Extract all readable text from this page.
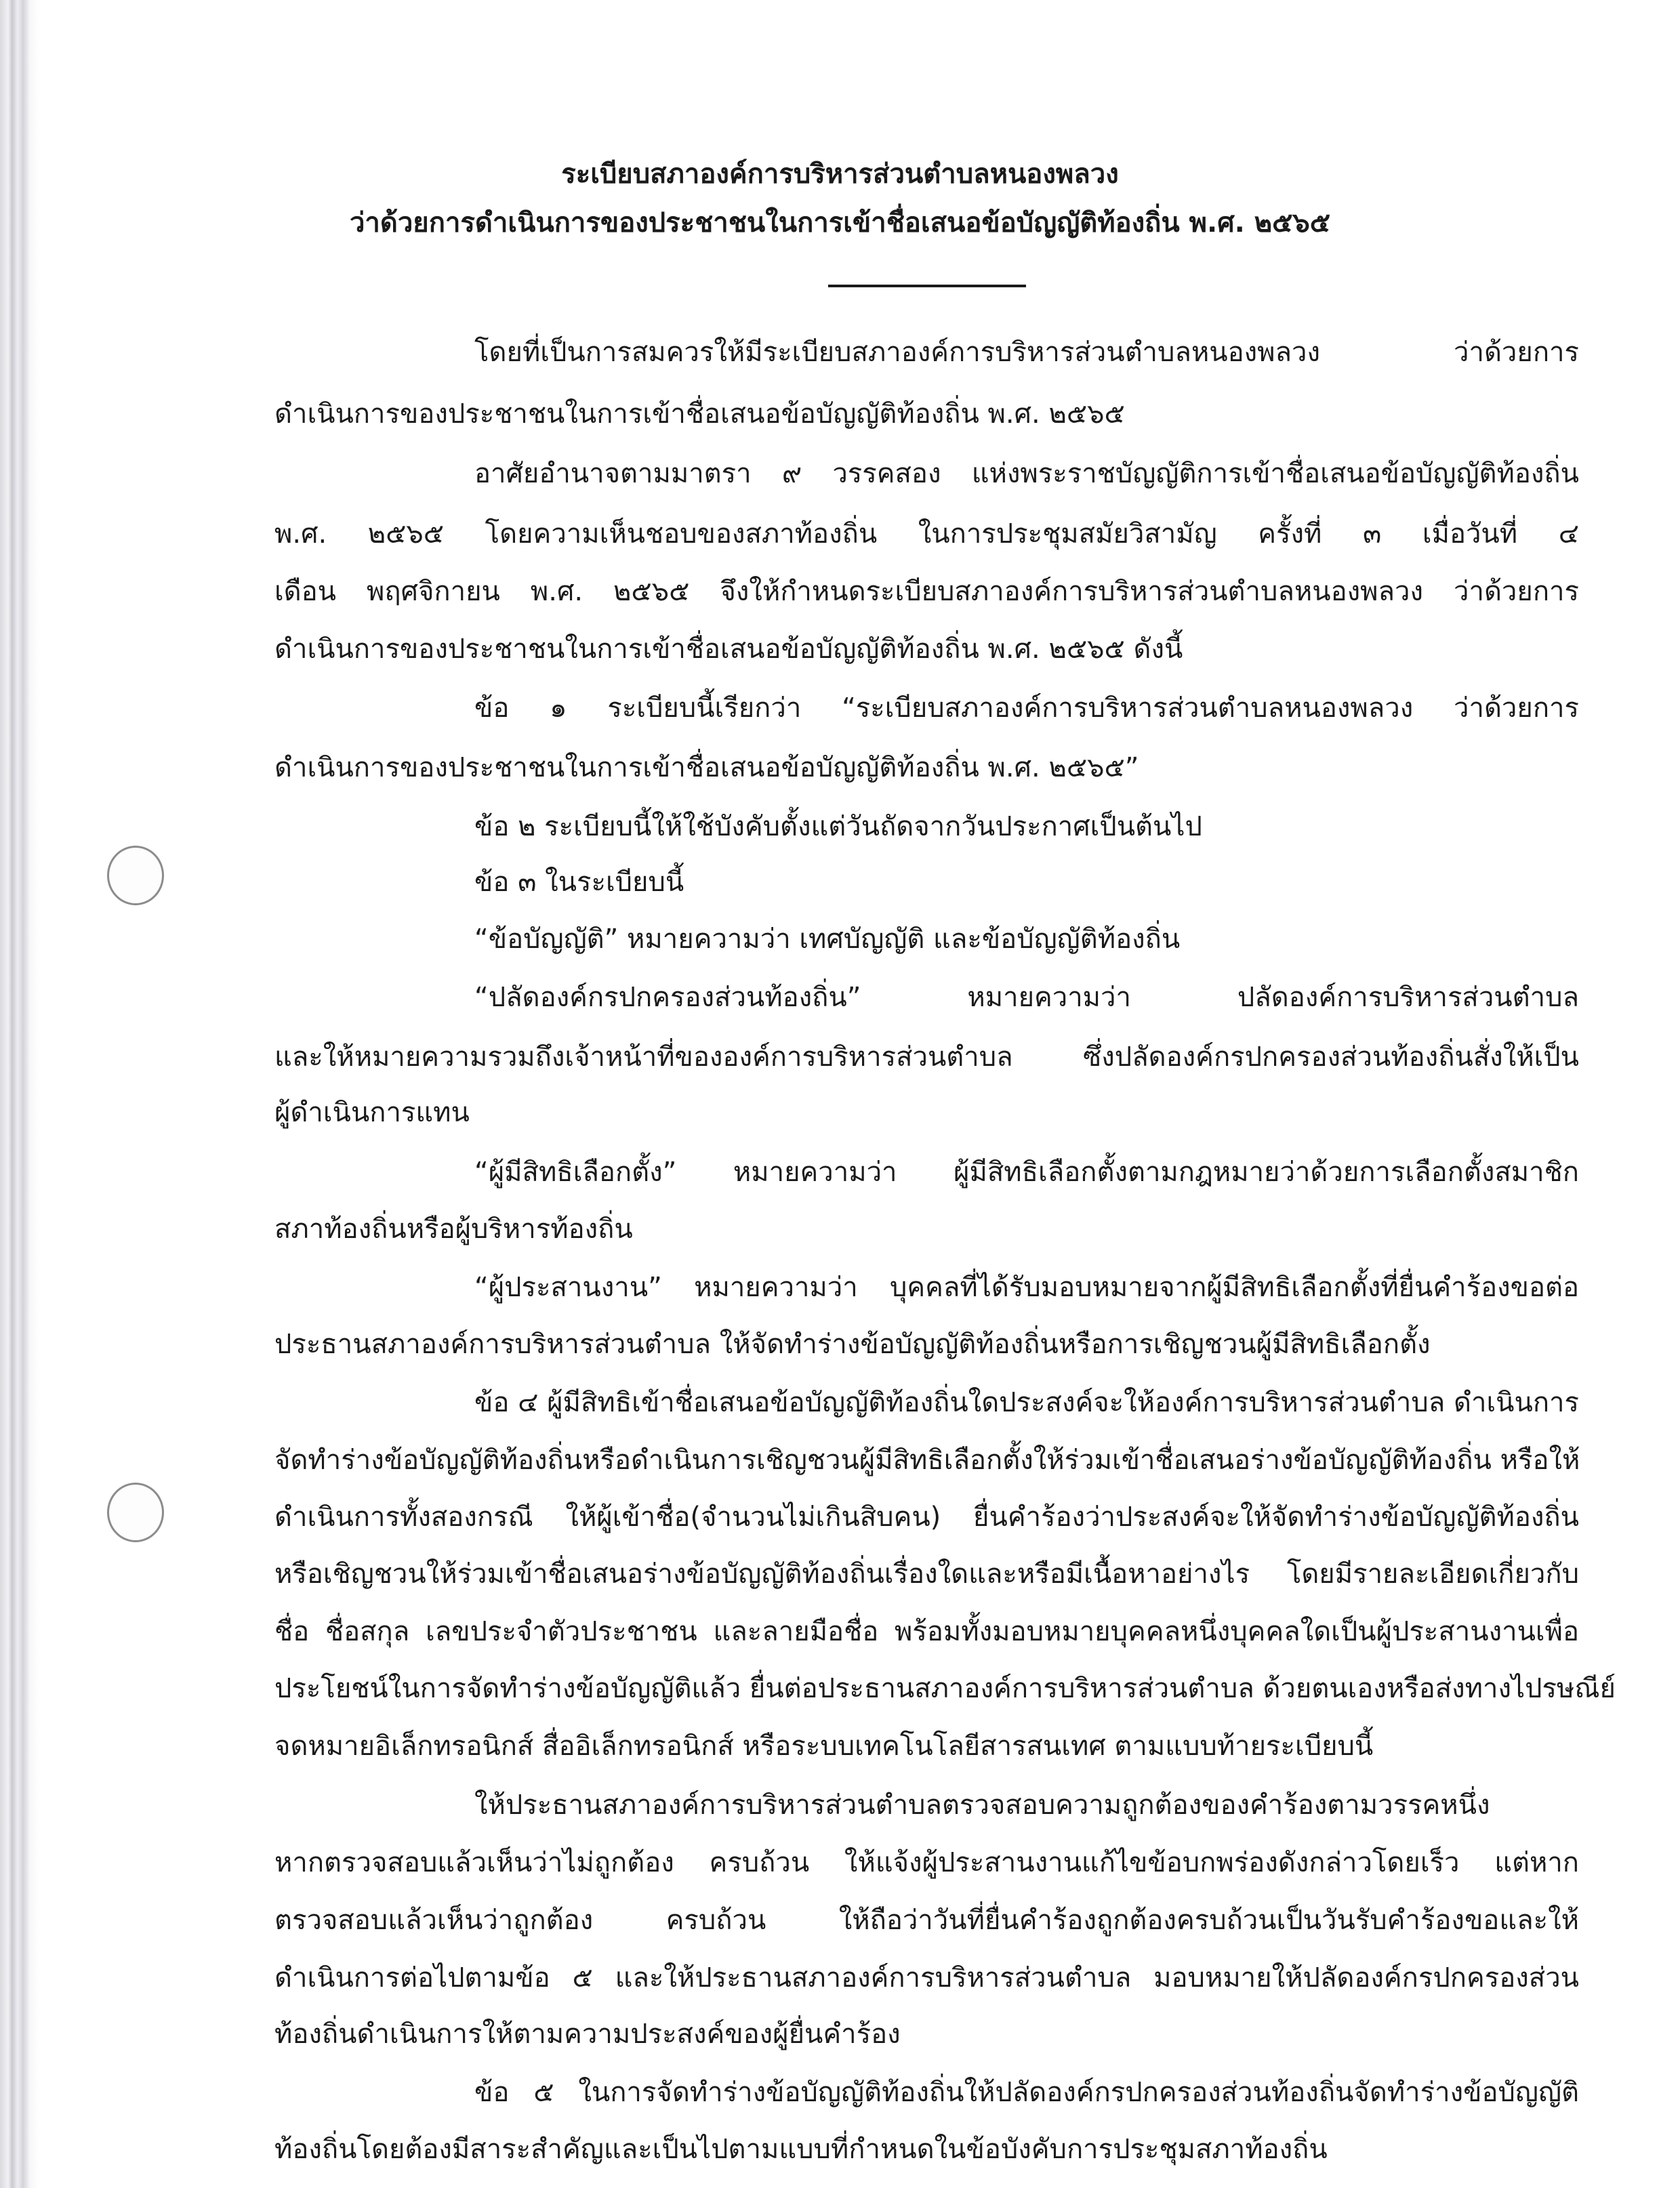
ระเบียบสภาองค์การบริหารส่วนตำบลหนองพลวง
ว่าด้วยการดำเนินการของประชาชนในการเข้าชื่อเสนอข้อบัญญัติท้องถิ่น พ.ศ. ๒๕๖๕
โดยที่เป็นการสมควรให้มีระเบียบสภาองค์การบริหารส่วนตำบลหนองพลวง ว่าด้วยการ
ดำเนินการของประชาชนในการเข้าชื่อเสนอข้อบัญญัติท้องถิ่น พ.ศ. ๒๕๖๕
อาศัยอำนาจตามมาตรา ๙ วรรคสอง แห่งพระราชบัญญัติการเข้าชื่อเสนอข้อบัญญัติท้องถิ่น
พ.ศ. ๒๕๖๕ โดยความเห็นชอบของสภาท้องถิ่น ในการประชุมสมัยวิสามัญ ครั้งที่ ๓ เมื่อวันที่ ๔
เดือน พฤศจิกายน พ.ศ. ๒๕๖๕ จึงให้กำหนดระเบียบสภาองค์การบริหารส่วนตำบลหนองพลวง ว่าด้วยการ
ดำเนินการของประชาชนในการเข้าชื่อเสนอข้อบัญญัติท้องถิ่น พ.ศ. ๒๕๖๕ ดังนี้
ข้อ ๑ ระเบียบนี้เรียกว่า “ระเบียบสภาองค์การบริหารส่วนตำบลหนองพลวง ว่าด้วยการ
ดำเนินการของประชาชนในการเข้าชื่อเสนอข้อบัญญัติท้องถิ่น พ.ศ. ๒๕๖๕”
ข้อ ๒ ระเบียบนี้ให้ใช้บังคับตั้งแต่วันถัดจากวันประกาศเป็นต้นไป
ข้อ ๓ ในระเบียบนี้
“ข้อบัญญัติ” หมายความว่า เทศบัญญัติ และข้อบัญญัติท้องถิ่น
“ปลัดองค์กรปกครองส่วนท้องถิ่น” หมายความว่า ปลัดองค์การบริหารส่วนตำบล
และให้หมายความรวมถึงเจ้าหน้าที่ขององค์การบริหารส่วนตำบล ซึ่งปลัดองค์กรปกครองส่วนท้องถิ่นสั่งให้เป็น
ผู้ดำเนินการแทน
“ผู้มีสิทธิเลือกตั้ง” หมายความว่า ผู้มีสิทธิเลือกตั้งตามกฎหมายว่าด้วยการเลือกตั้งสมาชิก
สภาท้องถิ่นหรือผู้บริหารท้องถิ่น
“ผู้ประสานงาน” หมายความว่า บุคคลที่ได้รับมอบหมายจากผู้มีสิทธิเลือกตั้งที่ยื่นคำร้องขอต่อ
ประธานสภาองค์การบริหารส่วนตำบล ให้จัดทำร่างข้อบัญญัติท้องถิ่นหรือการเชิญชวนผู้มีสิทธิเลือกตั้ง
ข้อ ๔ ผู้มีสิทธิเข้าชื่อเสนอข้อบัญญัติท้องถิ่นใดประสงค์จะให้องค์การบริหารส่วนตำบล ดำเนินการ
จัดทำร่างข้อบัญญัติท้องถิ่นหรือดำเนินการเชิญชวนผู้มีสิทธิเลือกตั้งให้ร่วมเข้าชื่อเสนอร่างข้อบัญญัติท้องถิ่น หรือให้
ดำเนินการทั้งสองกรณี ให้ผู้เข้าชื่อ(จำนวนไม่เกินสิบคน) ยื่นคำร้องว่าประสงค์จะให้จัดทำร่างข้อบัญญัติท้องถิ่น
หรือเชิญชวนให้ร่วมเข้าชื่อเสนอร่างข้อบัญญัติท้องถิ่นเรื่องใดและหรือมีเนื้อหาอย่างไร โดยมีรายละเอียดเกี่ยวกับ
ชื่อ ชื่อสกุล เลขประจำตัวประชาชน และลายมือชื่อ พร้อมทั้งมอบหมายบุคคลหนึ่งบุคคลใดเป็นผู้ประสานงานเพื่อ
ประโยชน์ในการจัดทำร่างข้อบัญญัติแล้ว ยื่นต่อประธานสภาองค์การบริหารส่วนตำบล ด้วยตนเองหรือส่งทางไปรษณีย์
จดหมายอิเล็กทรอนิกส์ สื่ออิเล็กทรอนิกส์ หรือระบบเทคโนโลยีสารสนเทศ ตามแบบท้ายระเบียบนี้
ให้ประธานสภาองค์การบริหารส่วนตำบลตรวจสอบความถูกต้องของคำร้องตามวรรคหนึ่ง
หากตรวจสอบแล้วเห็นว่าไม่ถูกต้อง ครบถ้วน ให้แจ้งผู้ประสานงานแก้ไขข้อบกพร่องดังกล่าวโดยเร็ว แต่หาก
ตรวจสอบแล้วเห็นว่าถูกต้อง ครบถ้วน ให้ถือว่าวันที่ยื่นคำร้องถูกต้องครบถ้วนเป็นวันรับคำร้องขอและให้
ดำเนินการต่อไปตามข้อ ๕ และให้ประธานสภาองค์การบริหารส่วนตำบล มอบหมายให้ปลัดองค์กรปกครองส่วน
ท้องถิ่นดำเนินการให้ตามความประสงค์ของผู้ยื่นคำร้อง
ข้อ ๕ ในการจัดทำร่างข้อบัญญัติท้องถิ่นให้ปลัดองค์กรปกครองส่วนท้องถิ่นจัดทำร่างข้อบัญญัติ
ท้องถิ่นโดยต้องมีสาระสำคัญและเป็นไปตามแบบที่กำหนดในข้อบังคับการประชุมสภาท้องถิ่น
